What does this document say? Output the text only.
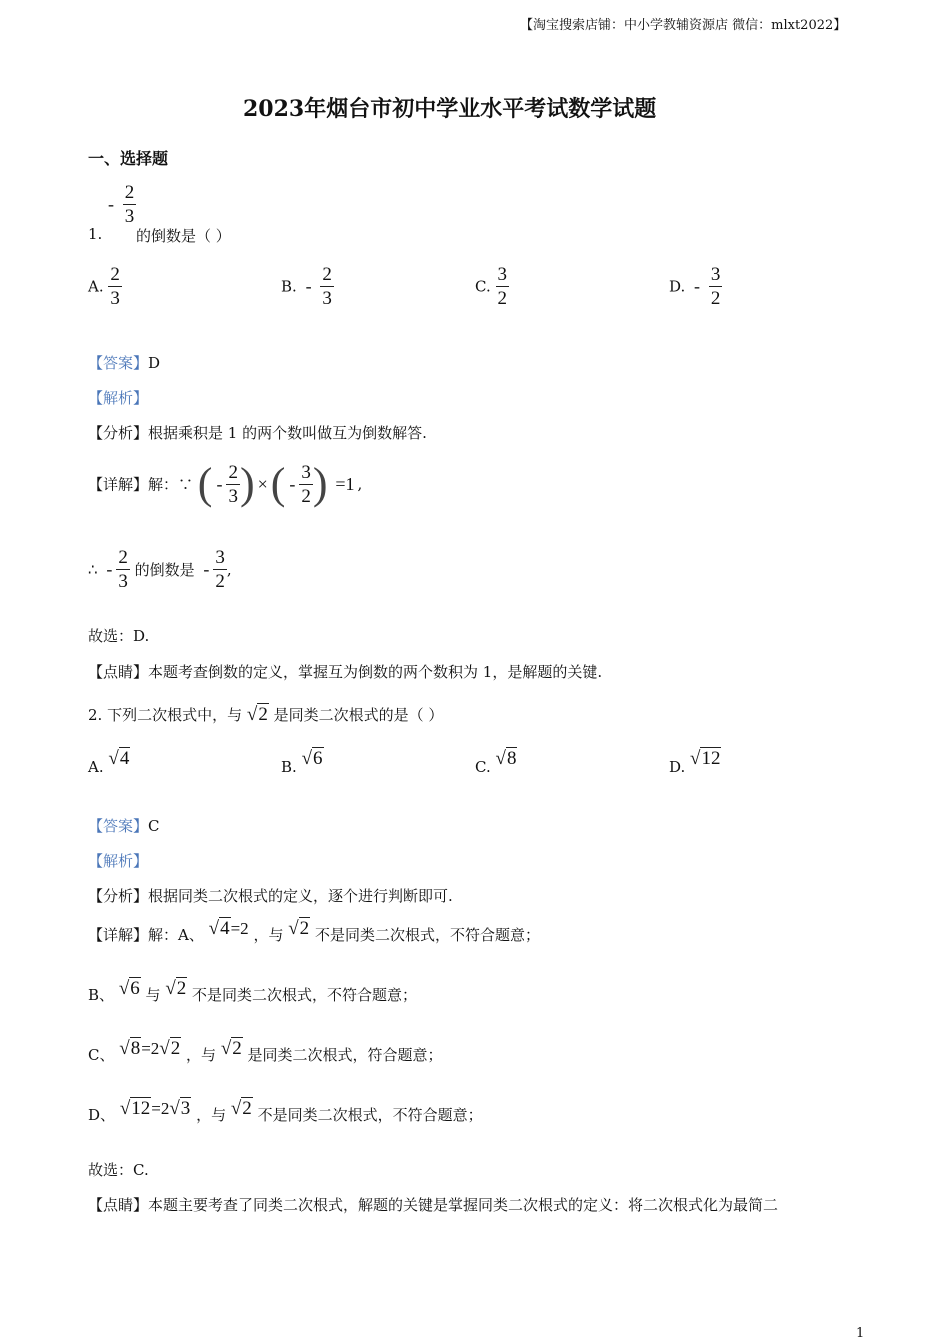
【淘宝搜索店铺：中小学教辅资源店 微信：mlxt2022】
2023年烟台市初中学业水平考试数学试题
一、选择题
1.
- $\frac{2}{3}$
的倒数是（ ）
A. $\frac{2}{3}$	B. - $\frac{2}{3}$	C. $\frac{3}{2}$	D. - $\frac{3}{2}$
【答案】D
【解析】
【分析】根据乘积是 1 的两个数叫做互为倒数解答.
【详解】解：∵ ( - $\frac{2}{3}$ ) ×( - $\frac{3}{2}$ ) =1 ,
∴ - $\frac{2}{3}$ 的倒数是 - $\frac{3}{2}$ ,
故选：D.
【点睛】本题考查倒数的定义，掌握互为倒数的两个数积为 1，是解题的关键.
2. 下列二次根式中，与 √2 是同类二次根式的是（ ）
A. √4	B. √6	C. √8	D. √12
【答案】C
【解析】
【分析】根据同类二次根式的定义，逐个进行判断即可.
【详解】解：A、 √4=2 ，与 √2 不是同类二次根式，不符合题意；
B、 √6 与 √2 不是同类二次根式，不符合题意；
C、 √8=2√2 ，与 √2 是同类二次根式，符合题意；
D、 √12=2√3 ，与 √2 不是同类二次根式，不符合题意；
故选：C.
【点睛】本题主要考查了同类二次根式，解题的关键是掌握同类二次根式的定义：将二次根式化为最简二
1
